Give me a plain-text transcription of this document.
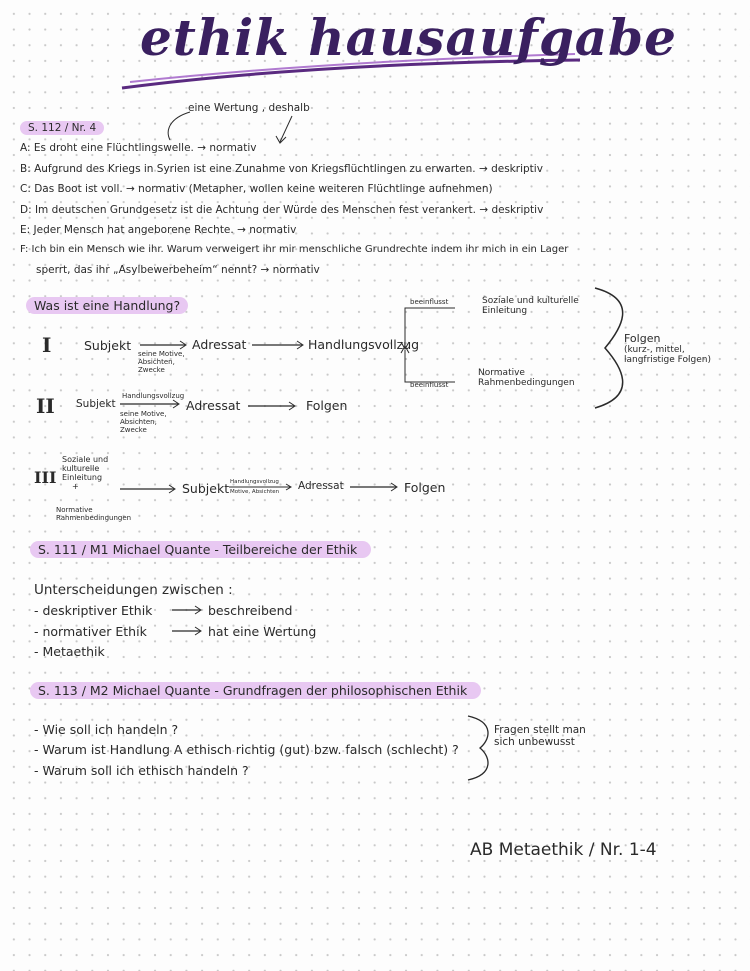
ethik hausaufgabe
eine Wertung , deshalb
S. 112 / Nr. 4
A: Es droht eine Flüchtlingswelle. → normativ
B: Aufgrund des Kriegs in Syrien ist eine Zunahme von Kriegsflüchtlingen zu erwarten. → deskriptiv
C: Das Boot ist voll. → normativ (Metapher, wollen keine weiteren Flüchtlinge aufnehmen)
D: Im deutschen Grundgesetz ist die Achtung der Würde des Menschen fest verankert. → deskriptiv
E: Jeder Mensch hat angeborene Rechte. → normativ
F: Ich bin ein Mensch wie ihr. Warum verweigert ihr mir menschliche Grundrechte indem ihr mich in ein Lager
sperrt, das ihr „Asylbewerbeheim“ nennt? → normativ
Was ist eine Handlung?
I	Subjekt
seine Motive,
Absichten,
Zwecke
Adressat	Handlungsvollzug
beeinflusst
beeinflusst
Soziale und kulturelle
Einleitung
Normative
Rahmenbedingungen
Folgen
(kurz-, mittel,
langfristige Folgen)
II Subjekt
Handlungsvollzug
seine Motive,
Absichten,
Zwecke
Adressat	Folgen
Soziale und
kulturelle
Einleitung
+
III
Normative
Rahmenbedingungen
Subjekt Handlungsvollzug
Motive, Absichten Adressat	Folgen
S. 111 / M1 Michael Quante - Teilbereiche der Ethik
Unterscheidungen zwischen :
- deskriptiver Ethik	beschreibend
- normativer Ethik	hat eine Wertung
- Metaethik
S. 113 / M2 Michael Quante - Grundfragen der philosophischen Ethik
- Wie soll ich handeln ?
- Warum ist Handlung A ethisch richtig (gut) bzw. falsch (schlecht) ?
- Warum soll ich ethisch handeln ?
Fragen stellt man
sich unbewusst
AB Metaethik / Nr. 1-4
